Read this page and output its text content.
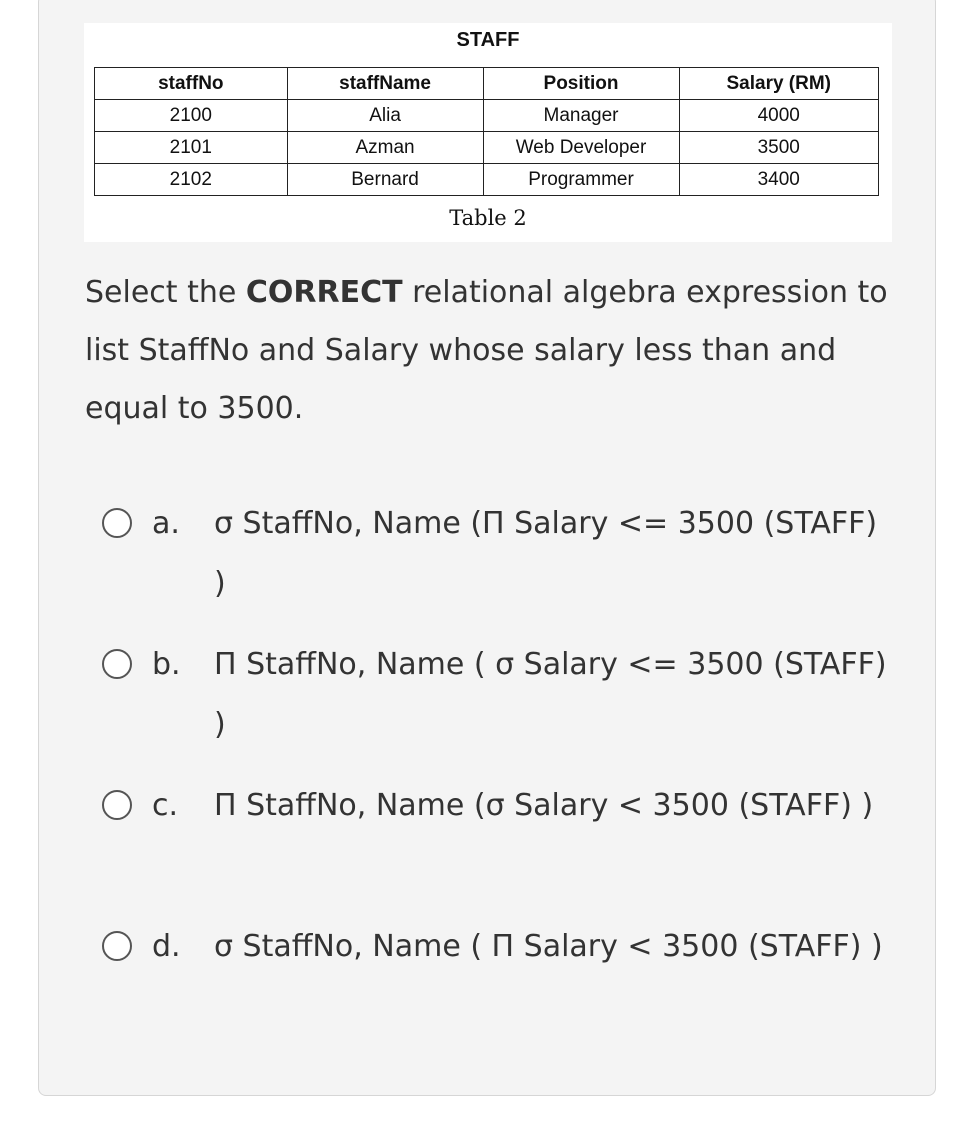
STAFF
staffNo	staffName	Position	Salary (RM)
2100	Alia	Manager	4000
2101	Azman	Web Developer	3500
2102	Bernard	Programmer	3400
Table 2
Select the CORRECT relational algebra expression to list StaffNo and Salary whose salary less than and equal to 3500.
a. σ StaffNo, Name (Π Salary <= 3500 (STAFF) )
b. Π StaffNo, Name ( σ Salary <= 3500 (STAFF) )
c. Π StaffNo, Name (σ Salary < 3500 (STAFF) )
d. σ StaffNo, Name ( Π Salary < 3500 (STAFF) )
